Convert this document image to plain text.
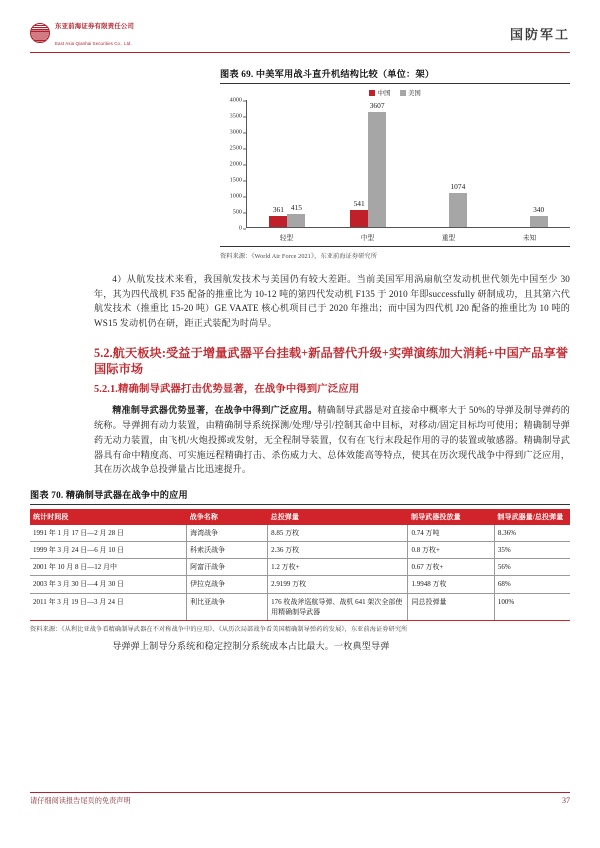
东亚前海证券有限责任公司
East Asia Qianhai Securities Co., Ltd.
国防军工
图表 69. 中美军用战斗直升机结构比较（单位：架）
中国	美国
4000
3500
3000
2500
2000
1500
1000
500
0
361 415	541
3607
1074
340
轻型	中型	重型	未知
资料来源：《World Air Force 2021》，东亚前海证券研究所

4）从航发技术来看，我国航发技术与美国仍有较大差距。当前美国军用涡扇航空发动机世代领先中国至少 30 年，其为四代战机 F35 配备的推重比为 10-12 吨的第四代发动机 F135 于 2010 年即successfully 研制成功，且其第六代航发技术（推重比 15-20 吨）GE VAATE 核心机项目已于 2020 年推出；而中国为四代机 J20 配备的推重比为 10 吨的 WS15 发动机仍在研，距正式装配为时尚早。

5.2.航天板块:受益于增量武器平台挂载+新品替代升级+实弹演练加大消耗+中国产品享誉国际市场
5.2.1.精确制导武器打击优势显著，在战争中得到广泛应用

精准制导武器优势显著，在战争中得到广泛应用。精确制导武器是对直接命中概率大于 50%的导弹及制导弹药的统称。导弹拥有动力装置，由精确制导系统探测/处理/导引/控制其命中目标，对移动/固定目标均可使用；精确制导弹药无动力装置，由飞机/火炮投掷或发射，无全程制导装置，仅有在飞行末段起作用的寻的装置或敏感器。精确制导武器具有命中精度高、可实施远程精确打击、杀伤威力大、总体效能高等特点，使其在历次现代战争中得到广泛应用，其在历次战争总投弹量占比迅速提升。

图表 70. 精确制导武器在战争中的应用
统计时间段	战争名称	总投弹量	制导武器投放量	制导武器量/总投弹量
1991 年 1 月 17 日—2 月 28 日	海湾战争	8.85 万枚	0.74 万吨	8.36%
1999 年 3 月 24 日—6 月 10 日	科索沃战争	2.36 万枚	0.8 万枚+	35%
2001 年 10 月 8 日—12 月中	阿富汗战争	1.2 万枚+	0.67 万枚+	56%
2003 年 3 月 30 日—4 月 30 日	伊拉克战争	2.9199 万枚	1.9948 万枚	68%
2011 年 3 月 19 日—3 月 24 日	利比亚战争	176 枚战斧巡航导弹、战机 641 架次全部使用精确制导武器	同总投弹量	100%
资料来源：《从利比亚战争看精确制导武器在不对称战争中的应用》、《从历次局部战争看美国精确制导弹药的发展》，东亚前海证券研究所

导弹弹上制导分系统和稳定控制分系统成本占比最大。一枚典型导弹

请仔细阅读报告尾页的免责声明	37
